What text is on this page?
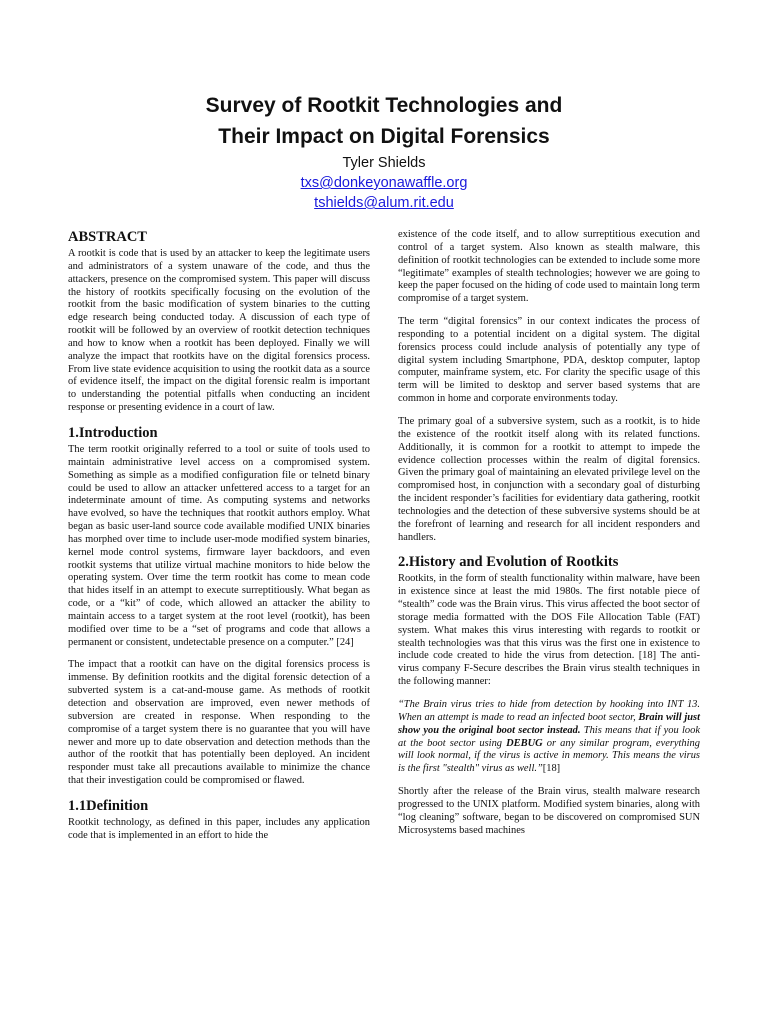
Survey of Rootkit Technologies and
Their Impact on Digital Forensics
Tyler Shields
txs@donkeyonawaffle.org
tshields@alum.rit.edu
ABSTRACT

A rootkit is code that is used by an attacker to keep the legitimate users and administrators of a system unaware of the code, and thus the attackers, presence on the compromised system. This paper will discuss the history of rootkits specifically focusing on the evolution of the rootkit from the basic modification of system binaries to the cutting edge research being conducted today. A discussion of each type of rootkit will be followed by an overview of rootkit detection techniques and how to know when a rootkit has been deployed. Finally we will analyze the impact that rootkits have on the digital forensics process. From live state evidence acquisition to using the rootkit data as a source of evidence itself, the impact on the digital forensic realm is important to understanding the potential pitfalls when conducting an incident response or presenting evidence in a court of law.

1.Introduction

The term rootkit originally referred to a tool or suite of tools used to maintain administrative level access on a compromised system. Something as simple as a modified configuration file or telnetd binary could be used to allow an attacker unfettered access to a target for an indeterminate amount of time. As computing systems and networks have evolved, so have the techniques that rootkit authors employ. What began as basic user-land source code available modified UNIX binaries has morphed over time to include user-mode modified system binaries, kernel mode control systems, firmware layer backdoors, and even rootkit systems that utilize virtual machine monitors to hide below the operating system. Over time the term rootkit has come to mean code that hides itself in an attempt to execute surreptitiously. What began as code, or a “kit” of code, which allowed an attacker the ability to maintain access to a target system at the root level (rootkit), has been modified over time to be a “set of programs and code that allows a permanent or consistent, undetectable presence on a computer.” [24]

The impact that a rootkit can have on the digital forensics process is immense. By definition rootkits and the digital forensic detection of a subverted system is a cat-and-mouse game. As methods of rootkit detection and observation are improved, even newer methods of subversion are created in response. When responding to the compromise of a target system there is no guarantee that you will have newer and more up to date observation and detection methods than the author of the rootkit that has potentially been deployed. An incident responder must take all precautions available to minimize the chance that their investigation could be compromised or flawed.

1.1Definition

Rootkit technology, as defined in this paper, includes any application code that is implemented in an effort to hide the

existence of the code itself, and to allow surreptitious execution and control of a target system. Also known as stealth malware, this definition of rootkit technologies can be extended to include some more “legitimate” examples of stealth technologies; however we are going to keep the paper focused on the hiding of code used to maintain long term compromise of a target system.

The term “digital forensics” in our context indicates the process of responding to a potential incident on a digital system. The digital forensics process could include analysis of potentially any type of digital system including Smartphone, PDA, desktop computer, laptop computer, mainframe system, etc. For clarity the specific usage of this term will be limited to desktop and server based systems that are common in home and corporate environments today.

The primary goal of a subversive system, such as a rootkit, is to hide the existence of the rootkit itself along with its related functions. Additionally, it is common for a rootkit to attempt to impede the evidence collection processes within the realm of digital forensics. Given the primary goal of maintaining an elevated privilege level on the compromised host, in conjunction with a secondary goal of disturbing the incident responder’s facilities for evidentiary data gathering, rootkit technologies and the detection of these subversive systems should be at the forefront of learning and research for all incident responders and handlers.

2.History and Evolution of Rootkits

Rootkits, in the form of stealth functionality within malware, have been in existence since at least the mid 1980s. The first notable piece of “stealth” code was the Brain virus. This virus affected the boot sector of storage media formatted with the DOS File Allocation Table (FAT) system. What makes this virus interesting with regards to rootkit or stealth technologies was that this virus was the first one in existence to include code created to hide the virus from detection. [18] The anti-virus company F-Secure describes the Brain virus stealth techniques in the following manner:

“The Brain virus tries to hide from detection by hooking into INT 13. When an attempt is made to read an infected boot sector, Brain will just show you the original boot sector instead. This means that if you look at the boot sector using DEBUG or any similar program, everything will look normal, if the virus is active in memory. This means the virus is the first "stealth" virus as well.”[18]

Shortly after the release of the Brain virus, stealth malware research progressed to the UNIX platform. Modified system binaries, along with “log cleaning” software, began to be discovered on compromised SUN Microsystems based machines
